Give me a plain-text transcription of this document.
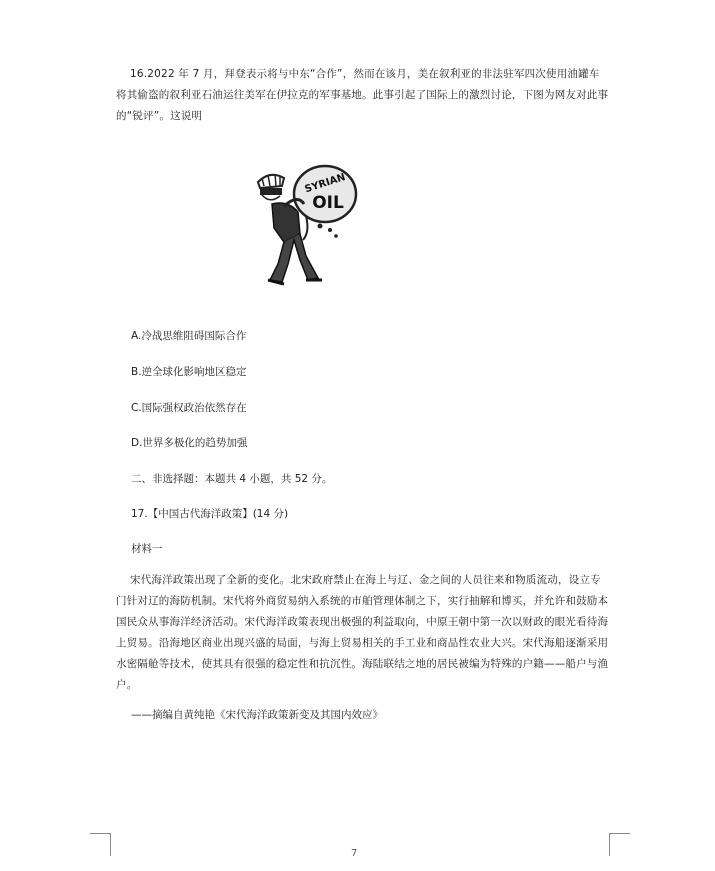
16.2022 年 7 月，拜登表示将与中东“合作”，然而在该月，美在叙利亚的非法驻军四次使用油罐车将其偷盗的叙利亚石油运往美军在伊拉克的军事基地。此事引起了国际上的激烈讨论，下图为网友对此事的“锐评”。这说明
SYRIAN
OIL
A.冷战思维阻碍国际合作
B.逆全球化影响地区稳定
C.国际强权政治依然存在
D.世界多极化的趋势加强
二、非选择题：本题共 4 小题，共 52 分。
17.【中国古代海洋政策】(14 分)
材料一
宋代海洋政策出现了全新的变化。北宋政府禁止在海上与辽、金之间的人员往来和物质流动，设立专门针对辽的海防机制。宋代将外商贸易纳入系统的市舶管理体制之下，实行抽解和博买，并允许和鼓励本国民众从事海洋经济活动。宋代海洋政策表现出极强的利益取向，中原王朝中第一次以财政的眼光看待海上贸易。沿海地区商业出现兴盛的局面，与海上贸易相关的手工业和商品性农业大兴。宋代海船逐渐采用水密隔舱等技术，使其具有很强的稳定性和抗沉性。海陆联结之地的居民被编为特殊的户籍——船户与渔户。
——摘编自黄纯艳《宋代海洋政策新变及其国内效应》
7
